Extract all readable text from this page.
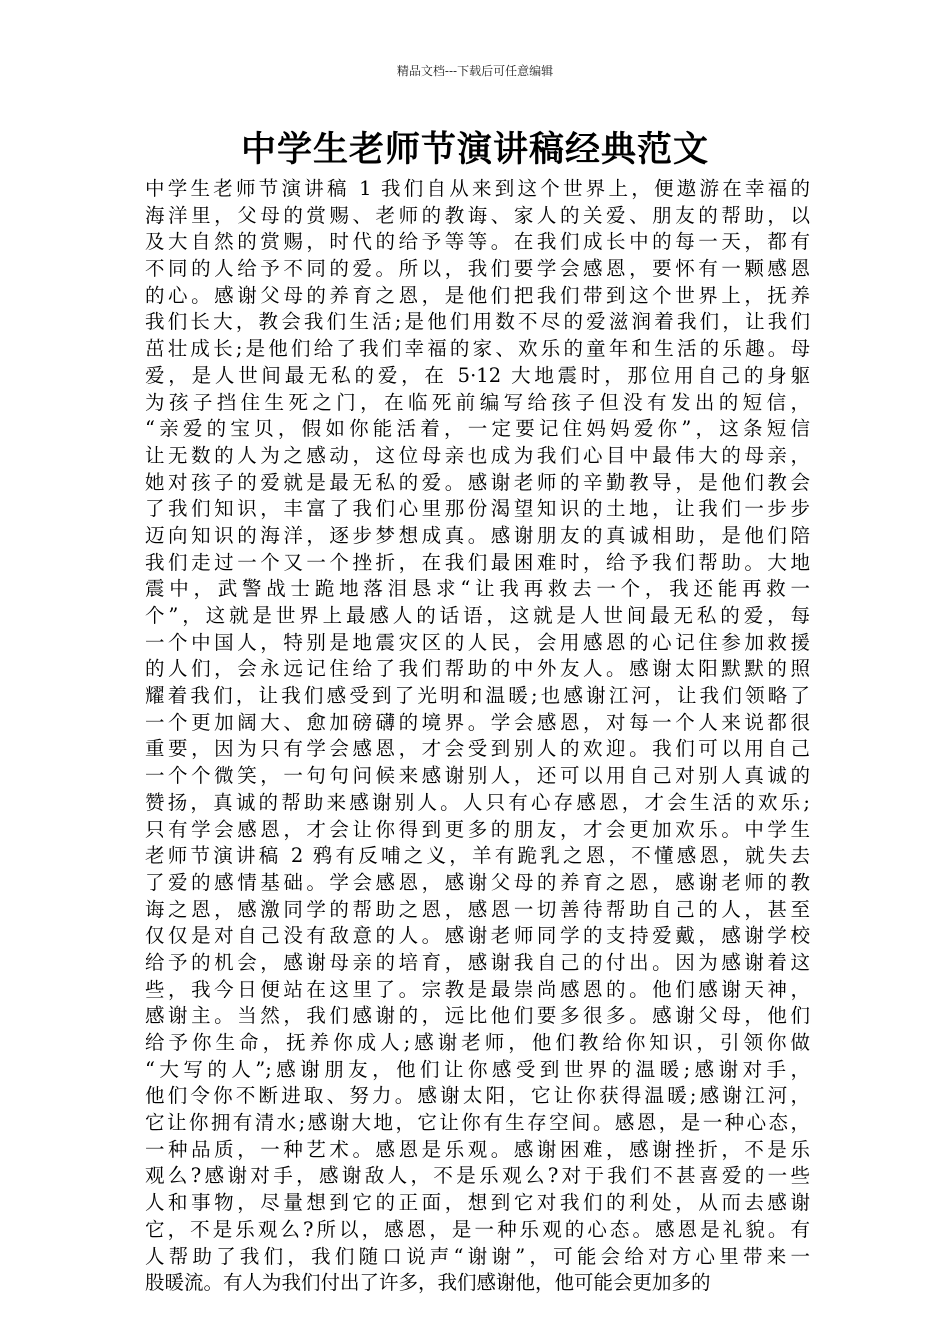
精品文档---下载后可任意编辑
中学生老师节演讲稿经典范文
中学生老师节演讲稿 1 我们自从来到这个世界上，便遨游在幸福的
海洋里，父母的赏赐、老师的教诲、家人的关爱、朋友的帮助，以
及大自然的赏赐，时代的给予等等。在我们成长中的每一天，都有
不同的人给予不同的爱。所以，我们要学会感恩，要怀有一颗感恩
的心。感谢父母的养育之恩，是他们把我们带到这个世界上，抚养
我们长大，教会我们生活;是他们用数不尽的爱滋润着我们，让我们
茁壮成长;是他们给了我们幸福的家、欢乐的童年和生活的乐趣。母
爱，是人世间最无私的爱，在 5·12 大地震时，那位用自己的身躯
为孩子挡住生死之门，在临死前编写给孩子但没有发出的短信，
“亲爱的宝贝，假如你能活着，一定要记住妈妈爱你”，这条短信
让无数的人为之感动，这位母亲也成为我们心目中最伟大的母亲，
她对孩子的爱就是最无私的爱。感谢老师的辛勤教导，是他们教会
了我们知识，丰富了我们心里那份渴望知识的土地，让我们一步步
迈向知识的海洋，逐步梦想成真。感谢朋友的真诚相助，是他们陪
我们走过一个又一个挫折，在我们最困难时，给予我们帮助。大地
震中，武警战士跪地落泪恳求“让我再救去一个，我还能再救一
个”，这就是世界上最感人的话语，这就是人世间最无私的爱，每
一个中国人，特别是地震灾区的人民，会用感恩的心记住参加救援
的人们，会永远记住给了我们帮助的中外友人。感谢太阳默默的照
耀着我们，让我们感受到了光明和温暖;也感谢江河，让我们领略了
一个更加阔大、愈加磅礴的境界。学会感恩，对每一个人来说都很
重要，因为只有学会感恩，才会受到别人的欢迎。我们可以用自己
一个个微笑，一句句问候来感谢别人，还可以用自己对别人真诚的
赞扬，真诚的帮助来感谢别人。人只有心存感恩，才会生活的欢乐;
只有学会感恩，才会让你得到更多的朋友，才会更加欢乐。中学生
老师节演讲稿 2 鸦有反哺之义，羊有跪乳之恩，不懂感恩，就失去
了爱的感情基础。学会感恩，感谢父母的养育之恩，感谢老师的教
诲之恩，感激同学的帮助之恩，感恩一切善待帮助自己的人，甚至
仅仅是对自己没有敌意的人。感谢老师同学的支持爱戴，感谢学校
给予的机会，感谢母亲的培育，感谢我自己的付出。因为感谢着这
些，我今日便站在这里了。宗教是最崇尚感恩的。他们感谢天神，
感谢主。当然，我们感谢的，远比他们要多很多。感谢父母，他们
给予你生命，抚养你成人;感谢老师，他们教给你知识，引领你做
“大写的人”;感谢朋友，他们让你感受到世界的温暖;感谢对手，
他们令你不断进取、努力。感谢太阳，它让你获得温暖;感谢江河，
它让你拥有清水;感谢大地，它让你有生存空间。感恩，是一种心态，
一种品质，一种艺术。感恩是乐观。感谢困难，感谢挫折，不是乐
观么?感谢对手，感谢敌人，不是乐观么?对于我们不甚喜爱的一些
人和事物，尽量想到它的正面，想到它对我们的利处，从而去感谢
它，不是乐观么?所以，感恩，是一种乐观的心态。感恩是礼貌。有
人帮助了我们，我们随口说声“谢谢”，可能会给对方心里带来一
股暖流。有人为我们付出了许多，我们感谢他，他可能会更加多的
